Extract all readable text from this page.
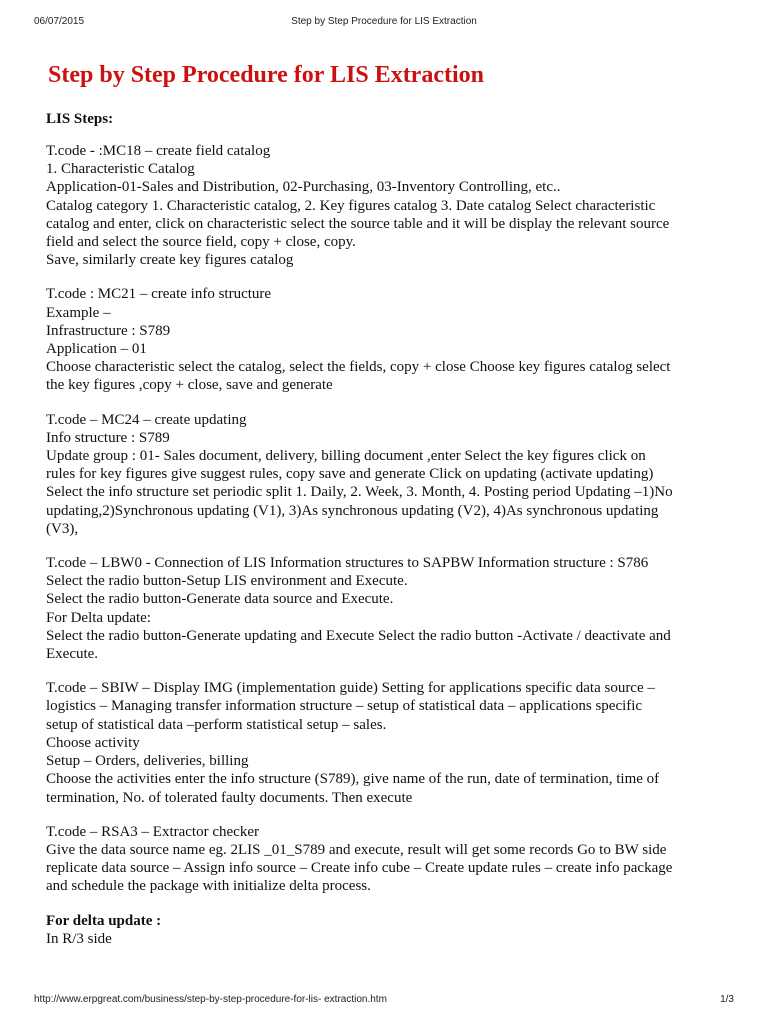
06/07/2015	Step by Step Procedure for LIS Extraction
Step by Step Procedure for LIS Extraction
LIS Steps:
T.code - :MC18 – create field catalog
1. Characteristic Catalog
Application-01-Sales and Distribution, 02-Purchasing, 03-Inventory Controlling, etc..
Catalog category 1. Characteristic catalog, 2. Key figures catalog 3. Date catalog Select characteristic
catalog and enter, click on characteristic select the source table and it will be display the relevant source
field and select the source field, copy + close, copy.
Save, similarly create key figures catalog
T.code : MC21 – create info structure
Example –
Infrastructure : S789
Application – 01
Choose characteristic select the catalog, select the fields, copy + close Choose key figures catalog select
the key figures ,copy + close, save and generate
T.code – MC24 – create updating
Info structure : S789
Update group : 01- Sales document, delivery, billing document ,enter Select the key figures click on
rules for key figures give suggest rules, copy save and generate Click on updating (activate updating)
Select the info structure set periodic split 1. Daily, 2. Week, 3. Month, 4. Posting period Updating –1)No
updating,2)Synchronous updating (V1), 3)As synchronous updating (V2), 4)As synchronous updating
(V3),
T.code – LBW0 - Connection of LIS Information structures to SAPBW Information structure : S786
Select the radio button-Setup LIS environment and Execute.
Select the radio button-Generate data source and Execute.
For Delta update:
Select the radio button-Generate updating and Execute Select the radio button -Activate / deactivate and
Execute.
T.code – SBIW – Display IMG (implementation guide) Setting for applications specific data source –
logistics – Managing transfer information structure – setup of statistical data – applications specific
setup of statistical data –perform statistical setup – sales.
Choose activity
Setup – Orders, deliveries, billing
Choose the activities enter the info structure (S789), give name of the run, date of termination, time of
termination, No. of tolerated faulty documents. Then execute
T.code – RSA3 – Extractor checker
Give the data source name eg. 2LIS _01_S789 and execute, result will get some records Go to BW side
replicate data source – Assign info source – Create info cube – Create update rules – create info package
and schedule the package with initialize delta process.
For delta update :
In R/3 side
http://www.erpgreat.com/business/step-by-step-procedure-for-lis- extraction.htm	1/3
